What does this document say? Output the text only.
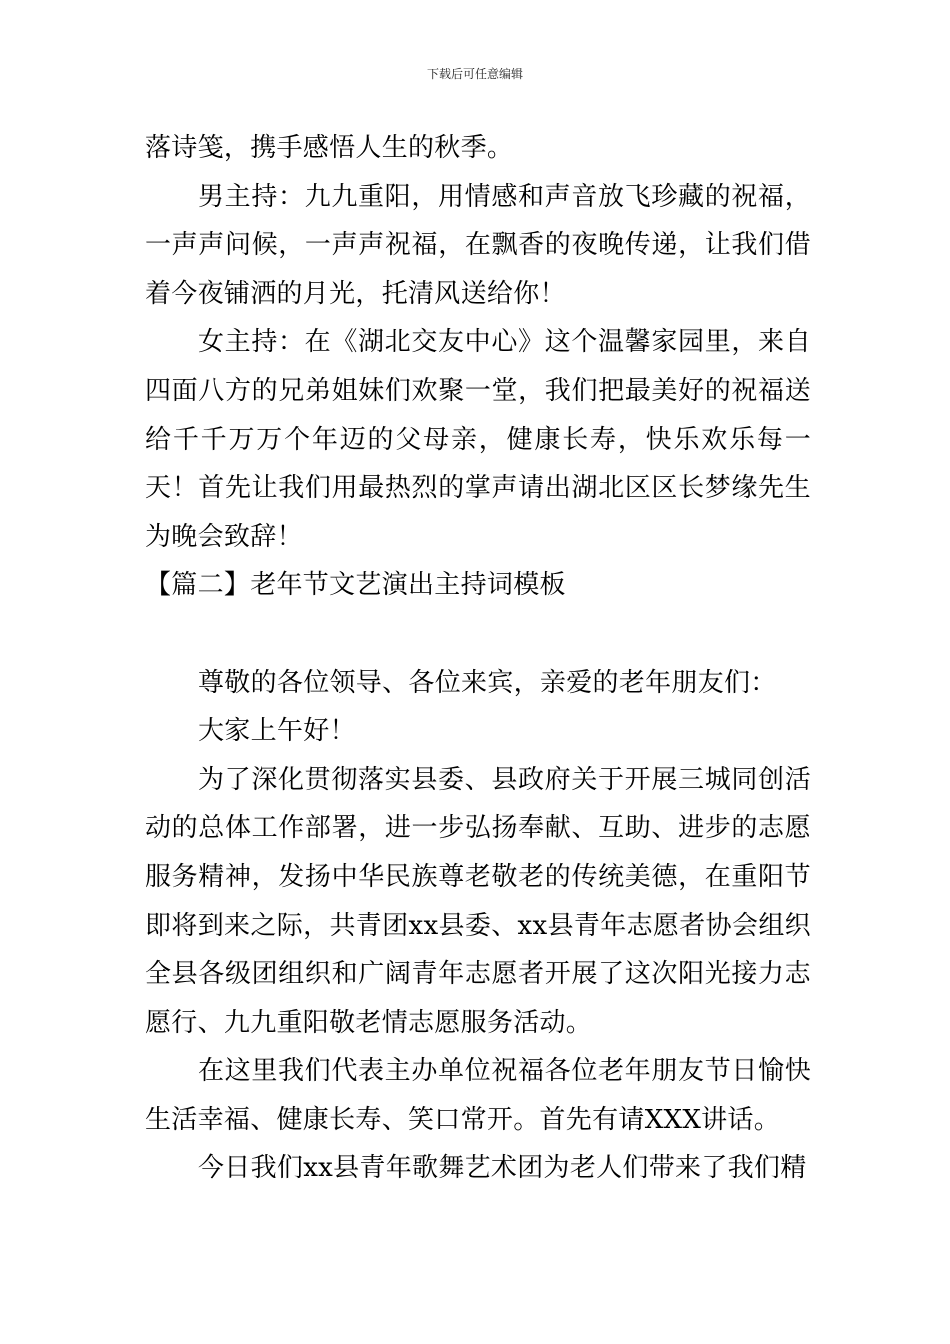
下载后可任意编辑

落诗笺，携手感悟人生的秋季。

男主持：九九重阳，用情感和声音放飞珍藏的祝福，一声声问候，一声声祝福，在飘香的夜晚传递，让我们借着今夜铺洒的月光，托清风送给你！

女主持：在《湖北交友中心》这个温馨家园里，来自四面八方的兄弟姐妹们欢聚一堂，我们把最美好的祝福送给千千万万个年迈的父母亲，健康长寿，快乐欢乐每一天！首先让我们用最热烈的掌声请出湖北区区长梦缘先生为晚会致辞！

【篇二】老年节文艺演出主持词模板

尊敬的各位领导、各位来宾，亲爱的老年朋友们：

大家上午好！

为了深化贯彻落实县委、县政府关于开展三城同创活动的总体工作部署，进一步弘扬奉献、互助、进步的志愿服务精神，发扬中华民族尊老敬老的传统美德，在重阳节即将到来之际，共青团xx县委、xx县青年志愿者协会组织全县各级团组织和广阔青年志愿者开展了这次阳光接力志愿行、九九重阳敬老情志愿服务活动。

在这里我们代表主办单位祝福各位老年朋友节日愉快生活幸福、健康长寿、笑口常开。首先有请XXX讲话。

今日我们xx县青年歌舞艺术团为老人们带来了我们精
